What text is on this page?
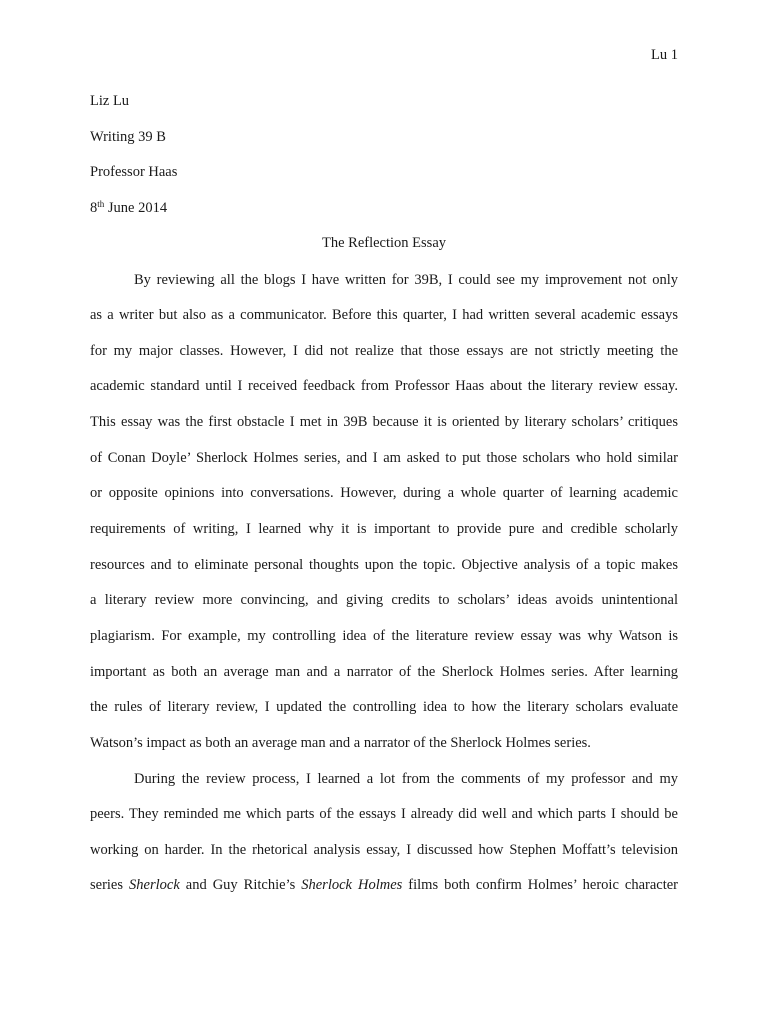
Lu 1
Liz Lu
Writing 39 B
Professor Haas
8th June 2014
The Reflection Essay
By reviewing all the blogs I have written for 39B, I could see my improvement not only
as a writer but also as a communicator. Before this quarter, I had written several academic essays
for my major classes. However, I did not realize that those essays are not strictly meeting the
academic standard until I received feedback from Professor Haas about the literary review essay.
This essay was the first obstacle I met in 39B because it is oriented by literary scholars’ critiques
of Conan Doyle’ Sherlock Holmes series, and I am asked to put those scholars who hold similar
or opposite opinions into conversations. However, during a whole quarter of learning academic
requirements of writing, I learned why it is important to provide pure and credible scholarly
resources and to eliminate personal thoughts upon the topic. Objective analysis of a topic makes
a literary review more convincing, and giving credits to scholars’ ideas avoids unintentional
plagiarism. For example, my controlling idea of the literature review essay was why Watson is
important as both an average man and a narrator of the Sherlock Holmes series. After learning
the rules of literary review, I updated the controlling idea to how the literary scholars evaluate
Watson’s impact as both an average man and a narrator of the Sherlock Holmes series.
During the review process, I learned a lot from the comments of my professor and my
peers. They reminded me which parts of the essays I already did well and which parts I should be
working on harder. In the rhetorical analysis essay, I discussed how Stephen Moffatt’s television
series Sherlock and Guy Ritchie’s Sherlock Holmes films both confirm Holmes’ heroic character
